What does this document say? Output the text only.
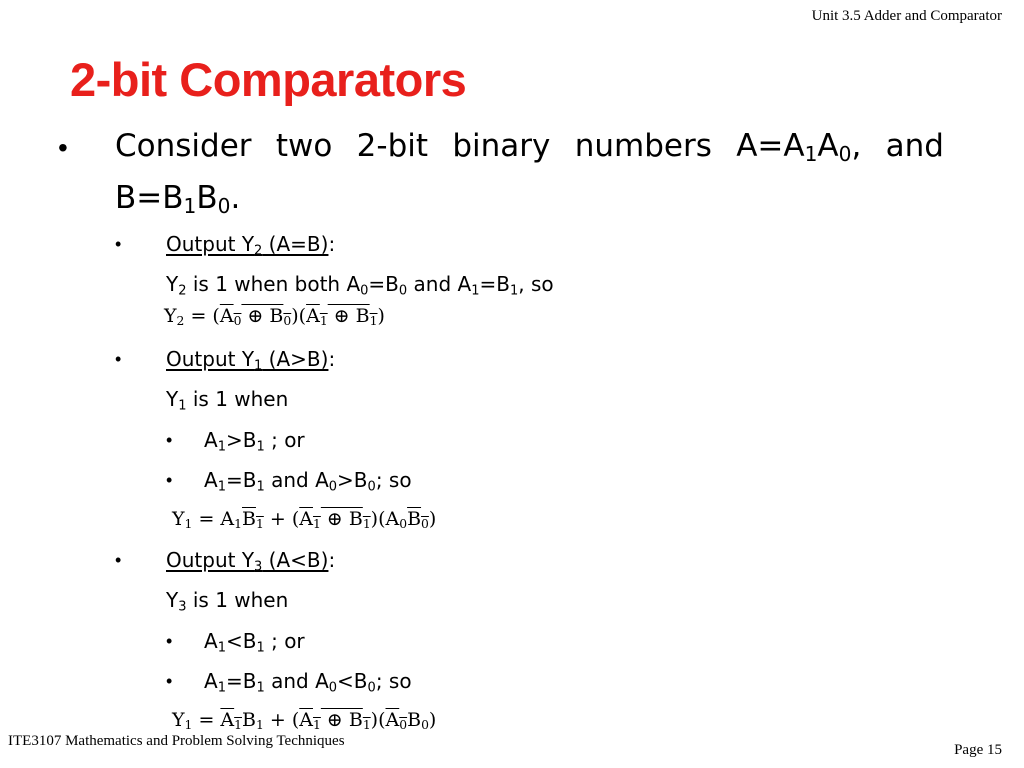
Unit 3.5 Adder and Comparator
2-bit Comparators
• Consider two 2-bit binary numbers $A=A_1A_0$, and
$B=B_1B_0$.
• Output $Y_2$ (A=B):
$Y_2$ is 1 when both $A_0=B_0$ and $A_1=B_1$, so
$Y_2 = (A_0$ ⊕ $B_0)(A_1$ ⊕ $B_1$)
• Output $Y_1$ (A>B):
$Y_1$ is 1 when
• $A_1>B_1$ ; or
• $A_1=B_1$ and $A_0>B_0$; so
$Y_1 = A_1B_1 + (A_1$ ⊕ $B_1)(A_0B_0)$
• Output $Y_3$ (A<B):
$Y_3$ is 1 when
• $A_1<B_1$ ; or
• $A_1=B_1$ and $A_0<B_0$; so
$Y_1 = A_1B_1 + (A_1$ ⊕ $B_1)(A_0B_0)$
ITE3107 Mathematics and Problem Solving Techniques
Page 15
